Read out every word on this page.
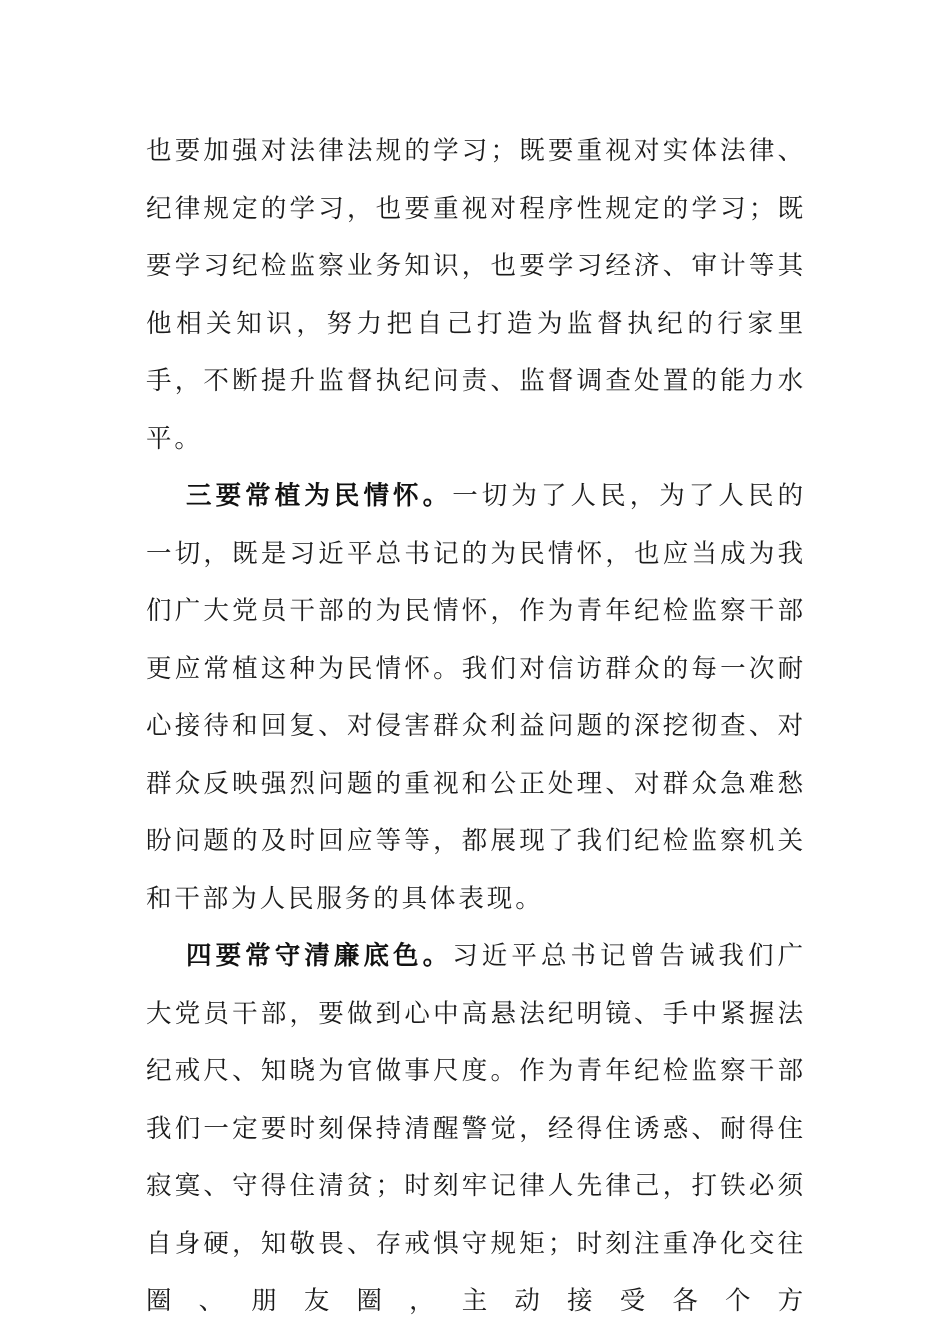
也要加强对法律法规的学习；既要重视对实体法律、纪律规定的学习，也要重视对程序性规定的学习；既要学习纪检监察业务知识，也要学习经济、审计等其他相关知识，努力把自己打造为监督执纪的行家里手，不断提升监督执纪问责、监督调查处置的能力水平。

三要常植为民情怀。一切为了人民，为了人民的一切，既是习近平总书记的为民情怀，也应当成为我们广大党员干部的为民情怀，作为青年纪检监察干部更应常植这种为民情怀。我们对信访群众的每一次耐心接待和回复、对侵害群众利益问题的深挖彻查、对群众反映强烈问题的重视和公正处理、对群众急难愁盼问题的及时回应等等，都展现了我们纪检监察机关和干部为人民服务的具体表现。

四要常守清廉底色。习近平总书记曾告诫我们广大党员干部，要做到心中高悬法纪明镜、手中紧握法纪戒尺、知晓为官做事尺度。作为青年纪检监察干部我们一定要时刻保持清醒警觉，经得住诱惑、耐得住寂寞、守得住清贫；时刻牢记律人先律己，打铁必须自身硬，知敬畏、存戒惧守规矩；时刻注重净化交往圈、朋友圈，主动接受各个方
